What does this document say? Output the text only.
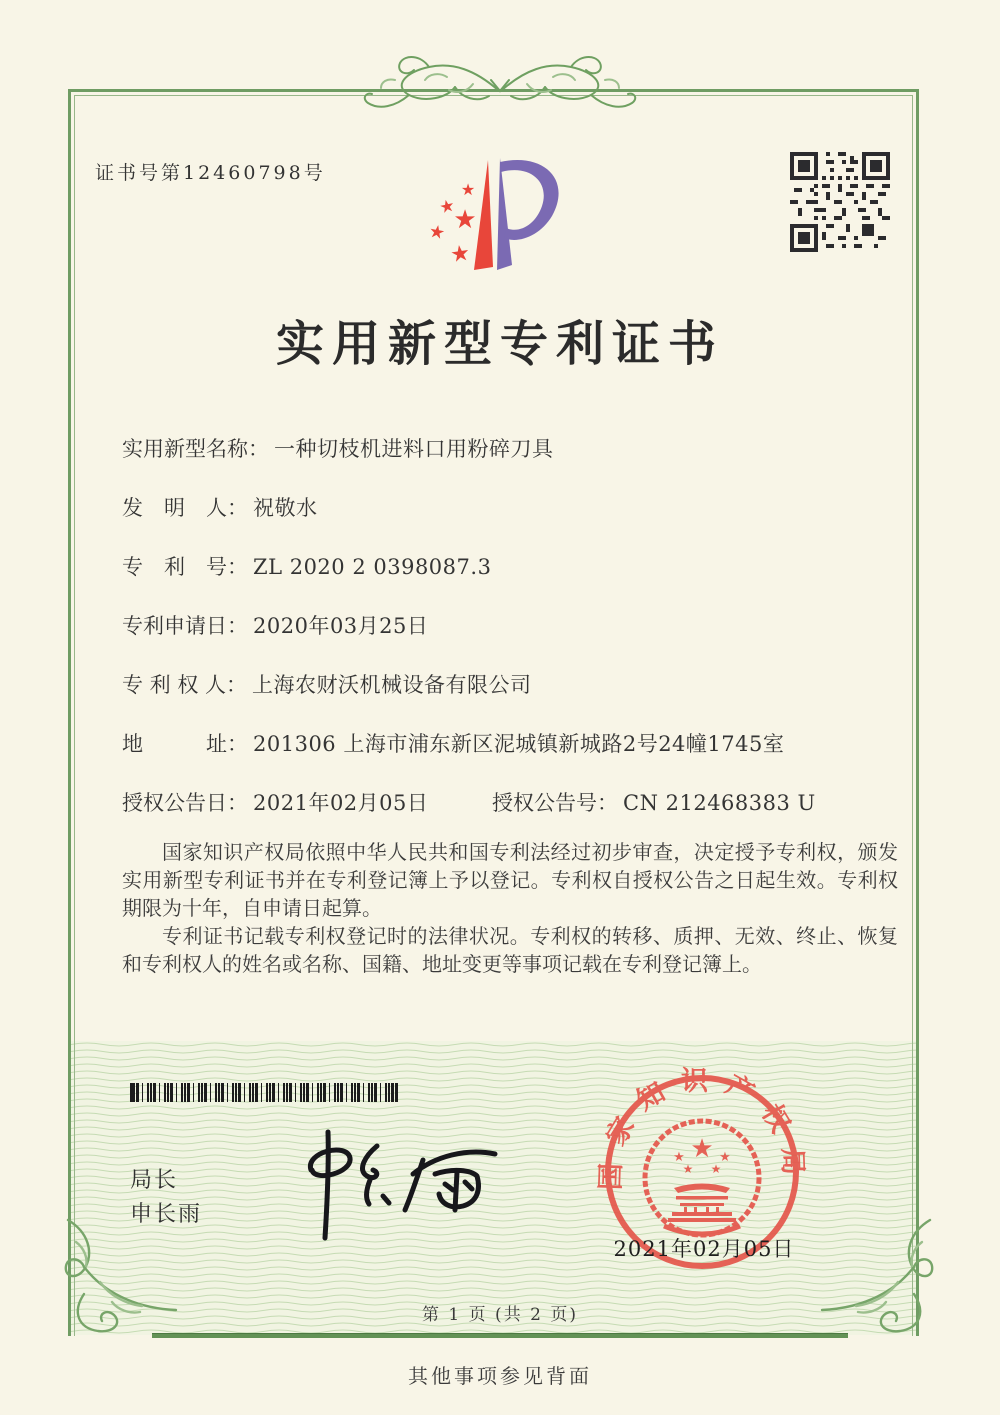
证书号第12460798号
★
★
★
★
★
实用新型专利证书
实用新型名称： 一种切枝机进料口用粉碎刀具
发　明　人： 祝敬水
专　利　号： ZL 2020 2 0398087.3
专利申请日： 2020年03月25日
专 利 权 人： 上海农财沃机械设备有限公司
地　　　址： 201306 上海市浦东新区泥城镇新城路2号24幢1745室
授权公告日： 2021年02月05日	授权公告号： CN 212468383 U

国家知识产权局依照中华人民共和国专利法经过初步审查，决定授予专利权，颁发实用新型专利证书并在专利登记簿上予以登记。专利权自授权公告之日起生效。专利权期限为十年，自申请日起算。

专利证书记载专利权登记时的法律状况。专利权的转移、质押、无效、终止、恢复和专利权人的姓名或名称、国籍、地址变更等事项记载在专利登记簿上。

局长
申长雨
国家知识产权局
★
★	★
★ ★
2021年02月05日
第 1 页 (共 2 页)
其他事项参见背面
